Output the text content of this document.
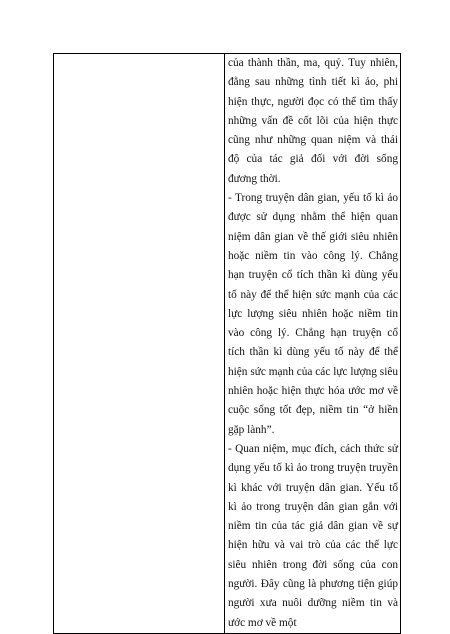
của thành thần, ma, quỷ. Tuy nhiên, đằng sau những tình tiết kì ảo, phi hiện thực, người đọc có thể tìm thấy những vấn đề cốt lõi của hiện thực cũng như những quan niệm và thái độ của tác giả đối với đời sống đương thời.

- Trong truyện dân gian, yếu tố kì ảo được sử dụng nhằm thể hiện quan niệm dân gian về thế giới siêu nhiên hoặc niềm tin vào công lý. Chẳng hạn truyện cổ tích thần kì dùng yếu tố này để thể hiện sức mạnh của các lực lượng siêu nhiên hoặc niềm tin vào công lý. Chẳng hạn truyện cổ tích thần kì dùng yếu tố này để thể hiện sức mạnh của các lực lượng siêu nhiên hoặc hiện thực hóa ước mơ về cuộc sống tốt đẹp, niềm tin “ở hiền gặp lành”.

- Quan niệm, mục đích, cách thức sử dụng yếu tố kì ảo trong truyện truyền kì khác với truyện dân gian. Yếu tố kì ảo trong truyện dân gian gắn với niềm tin của tác giả dân gian về sự hiện hữu và vai trò của các thế lực siêu nhiên trong đời sống của con người. Đây cũng là phương tiện giúp người xưa nuôi dưỡng niềm tin và ước mơ về một
